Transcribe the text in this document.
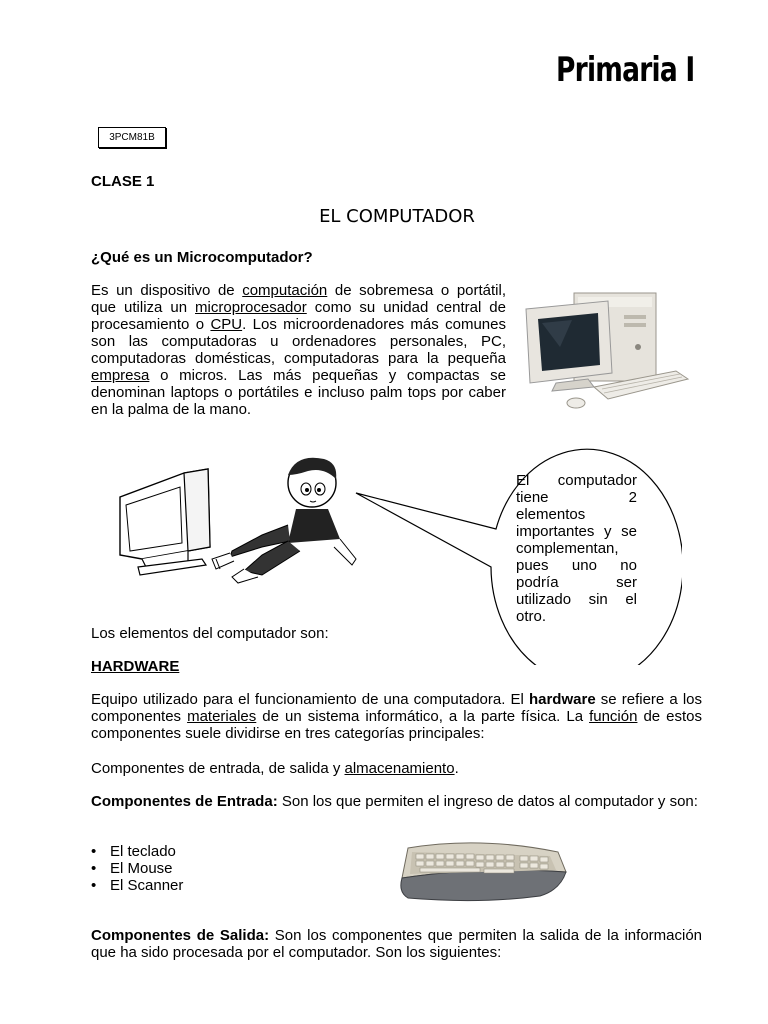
Primaria I
3PCM81B
CLASE 1
EL COMPUTADOR
¿Qué es un Microcomputador?
Es un dispositivo de computación de sobremesa o portátil, que utiliza un microprocesador como su unidad central de procesamiento o CPU. Los microordenadores más comunes son las computadoras u ordenadores personales, PC, computadoras domésticas, computadoras para la pequeña empresa o micros. Las más pequeñas y compactas se denominan laptops o portátiles e incluso palm tops por caber en la palma de la mano.
El computador
tiene 2
elementos
importantes y se
complementan,
pues uno no
podría ser
utilizado sin el
otro.
Los elementos del computador son:
HARDWARE
Equipo utilizado para el funcionamiento de una computadora. El hardware se refiere a los componentes materiales de un sistema informático, a la parte física. La función de estos componentes suele dividirse en tres categorías principales:
Componentes de entrada, de salida y almacenamiento.
Componentes de Entrada: Son los que permiten el ingreso de datos al computador y son:
• El teclado
• El Mouse
• El Scanner
Componentes de Salida: Son los componentes que permiten la salida de la información que ha sido procesada por el computador. Son los siguientes:
